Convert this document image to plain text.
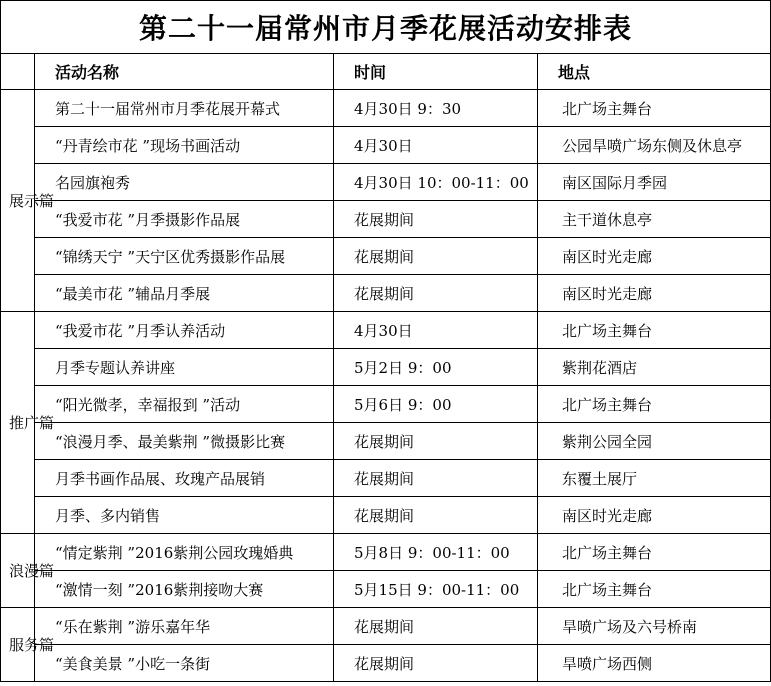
第二十一届常州市月季花展活动安排表			
	活动名称	时间	地点

展示篇	第二十一届常州市月季花展开幕式	4月30日 9：30	北广场主舞台
	“丹青绘市花 ”现场书画活动	4月30日	公园旱喷广场东侧及休息亭
	名园旗袍秀	4月30日 10：00-11：00	南区国际月季园
	“我爱市花 ”月季摄影作品展	花展期间	主干道休息亭
	“锦绣天宁 ”天宁区优秀摄影作品展	花展期间	南区时光走廊
	“最美市花 ”辅品月季展	花展期间	南区时光走廊

推广篇	“我爱市花 ”月季认养活动	4月30日	北广场主舞台
	月季专题认养讲座	5月2日 9：00	紫荆花酒店
	“阳光微孝，幸福报到 ”活动	5月6日 9：00	北广场主舞台
	“浪漫月季、最美紫荆 ”微摄影比赛	花展期间	紫荆公园全园
	月季书画作品展、玫瑰产品展销	花展期间	东覆土展厅
	月季、多内销售	花展期间	南区时光走廊

浪漫篇	“情定紫荆 ”2016紫荆公园玫瑰婚典	5月8日 9：00-11：00	北广场主舞台
	“激情一刻 ”2016紫荆接吻大赛	5月15日 9：00-11：00	北广场主舞台

服务篇	“乐在紫荆 ”游乐嘉年华	花展期间	旱喷广场及六号桥南
	“美食美景 ”小吃一条街	花展期间	旱喷广场西侧
